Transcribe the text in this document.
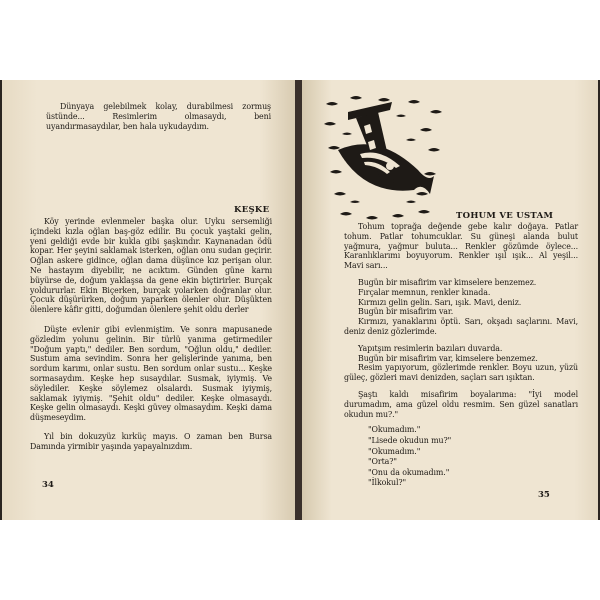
Dünyaya gelebilmek kolay, durabilmesi zormuş üstünde... Resimlerim olmasaydı, beni uyandırmasaydılar, ben hala uykudaydım.

KEŞKE

Köy yerinde evlenmeler başka olur. Uyku sersemliği içindeki kızla oğlan baş-göz edilir. Bu çocuk yaştaki gelin, yeni geldiği evde bir kukla gibi şaşkındır. Kaynanadan ödü kopar. Her şeyini saklamak isterken, oğlan onu sudan geçirir. Oğlan askere gidince, oğlan dama düşünce kız perişan olur. Ne hastayım diyebilir, ne acıktım. Günden güne karnı büyürse de, doğum yaklaşsa da gene ekin biçtirirler. Burçak yoldururlar. Ekin Biçerken, burçak yolarken doğranlar olur. Çocuk düşürürken, doğum yaparken ölenler olur. Düşükten ölenlere kâfir gitti, doğumdan ölenlere şehit oldu derler

Düşte evlenir gibi evlenmiştim. Ve sonra mapusanede gözledim yolunu gelinin. Bir türlü yanıma getirmediler "Doğum yaptı," dediler. Ben sordum, "Oğlun oldu," dediler. Sustum ama sevindim. Sonra her gelişlerinde yanıma, ben sordum karımı, onlar sustu. Ben sordum onlar sustu... Keşke sormasaydım. Keşke hep susaydılar. Susmak, iyiymiş. Ve söylediler. Keşke söylemez olsalardı. Susmak iyiymiş, saklamak iyiymiş. "Şehit oldu" dediler. Keşke olmasaydı. Keşke gelin olmasaydı. Keşki güvey olmasaydım. Keşki dama düşmeseydim.

Yıl bin dokuzyüz kırküç mayıs. O zaman ben Bursa Damında yirmibir yaşında yapayalnızdım.

34
TOHUM VE USTAM

Tohum toprağa değende gebe kalır doğaya. Patlar tohum. Patlar tohumcuklar. Su güneşi alanda bulut yağmura, yağmur buluta... Renkler gözümde öylece... Karanlıklarımı boyuyorum. Renkler ışıl ışık... Al yeşil... Mavi sarı...

Bugün bir misafirim var kimselere benzemez.

Fırçalar memnun, renkler kınada.

Kırmızı gelin gelin. Sarı, ışık. Mavi, deniz.

Bugün bir misafirim var.

Kırmızı, yanaklarını öptü. Sarı, okşadı saçlarını. Mavi, deniz deniz gözlerimde.

Yapıtşım resimlerin bazıları duvarda.

Bugün bir misafirim var, kimselere benzemez.

Resim yapıyorum, gözlerimde renkler. Boyu uzun, yüzü güleç, gözleri mavi denizden, saçları sarı ışıktan.

Şaştı kaldı misafirim boyalarıma: "İyi model durumadım, ama güzel oldu resmim. Sen güzel sanatları okudun mu?."

"Okumadım."
"Lisede okudun mu?"
"Okumadım."
"Orta?"
"Onu da okumadım."
"İlkokul?"
35
